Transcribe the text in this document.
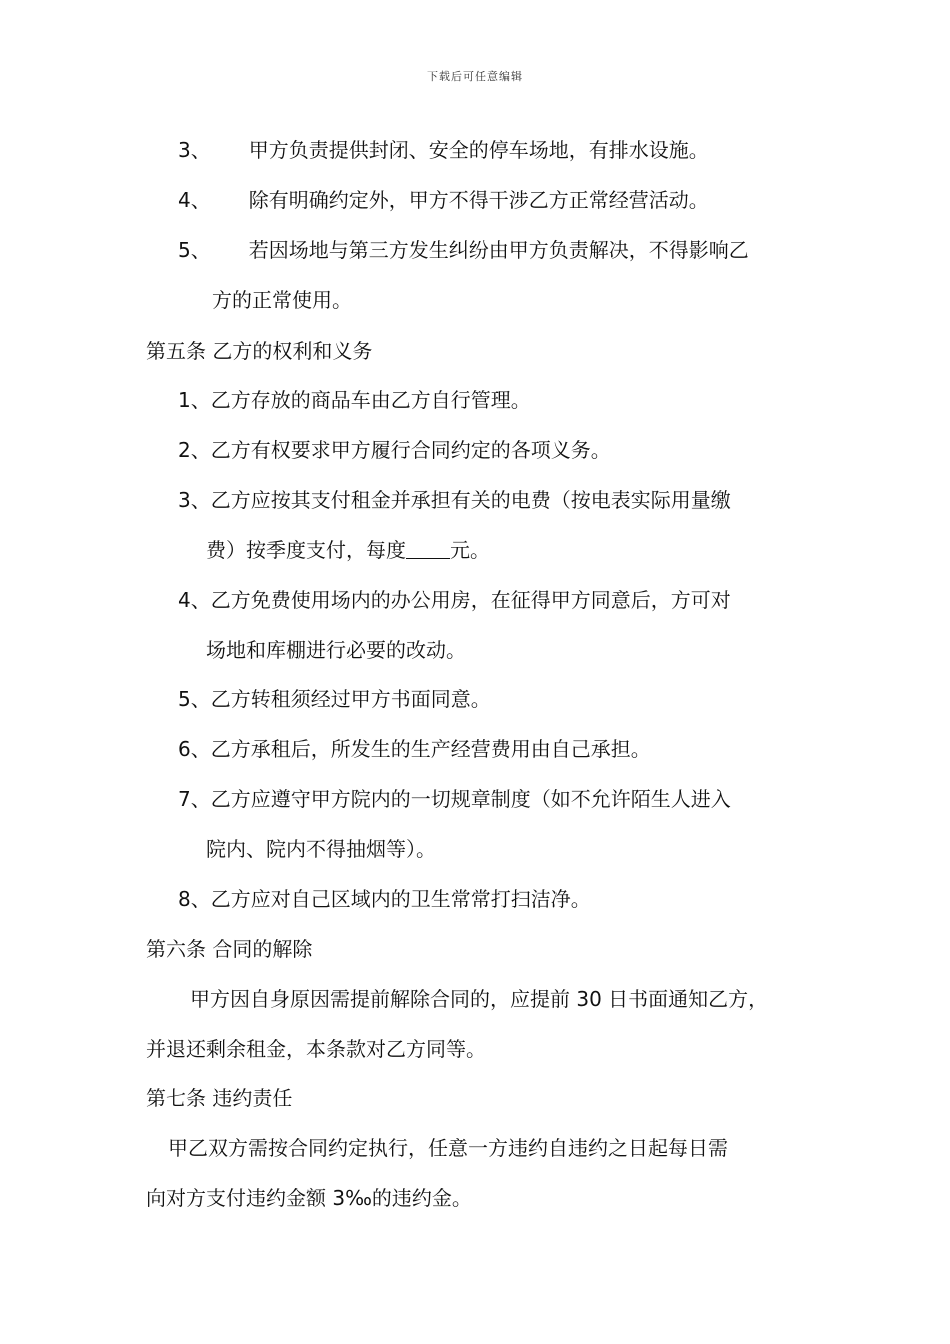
下载后可任意编辑
3、 甲方负责提供封闭、安全的停车场地，有排水设施。
4、 除有明确约定外，甲方不得干涉乙方正常经营活动。
5、 若因场地与第三方发生纠纷由甲方负责解决，不得影响乙
方的正常使用。
第五条 乙方的权利和义务
1、乙方存放的商品车由乙方自行管理。
2、乙方有权要求甲方履行合同约定的各项义务。
3、乙方应按其支付租金并承担有关的电费（按电表实际用量缴
费）按季度支付，每度 元。
4、乙方免费使用场内的办公用房，在征得甲方同意后，方可对
场地和库棚进行必要的改动。
5、乙方转租须经过甲方书面同意。
6、乙方承租后，所发生的生产经营费用由自己承担。
7、乙方应遵守甲方院内的一切规章制度（如不允许陌生人进入
院内、院内不得抽烟等）。
8、乙方应对自己区域内的卫生常常打扫洁净。
第六条 合同的解除
甲方因自身原因需提前解除合同的，应提前 30 日书面通知乙方，
并退还剩余租金，本条款对乙方同等。
第七条 违约责任
甲乙双方需按合同约定执行，任意一方违约自违约之日起每日需
向对方支付违约金额 3‰的违约金。
